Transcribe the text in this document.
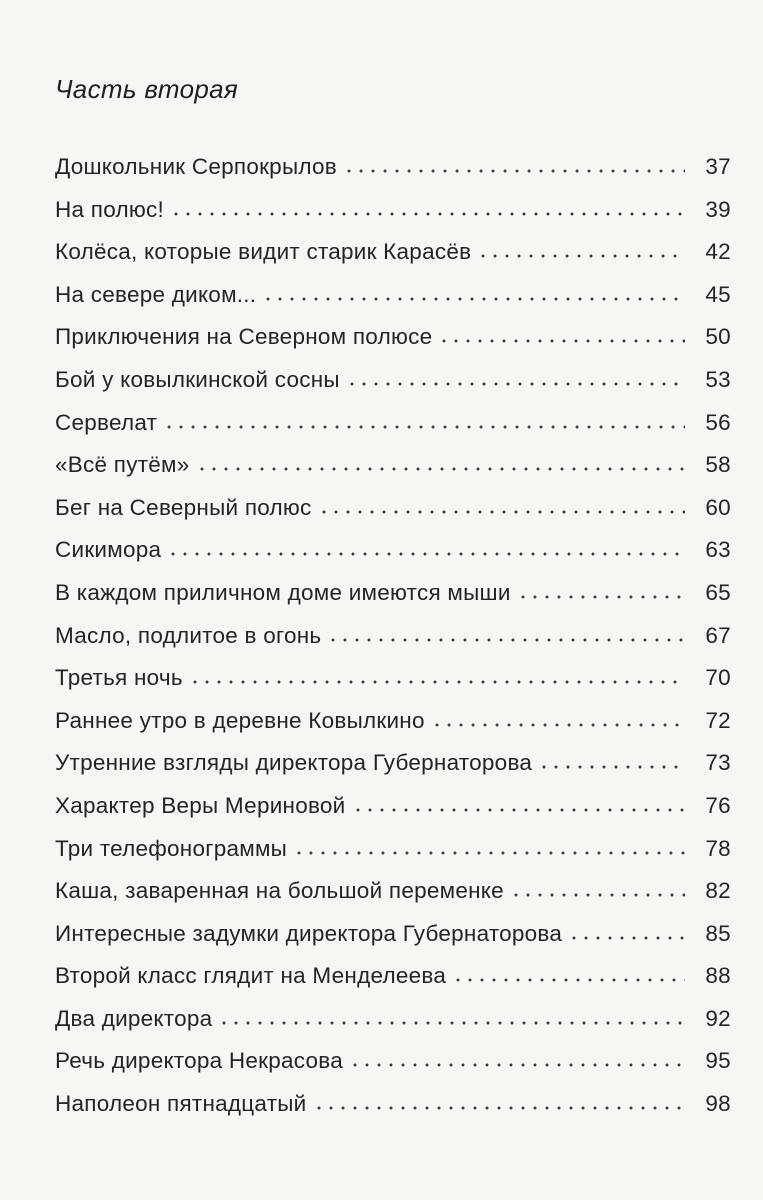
Часть вторая
Дошкольник Серпокрылов	37
На полюс!	39
Колёса, которые видит старик Карасёв	42
На севере диком...	45
Приключения на Северном полюсе	50
Бой у ковылкинской сосны	53
Сервелат	56
«Всё путём»	58
Бег на Северный полюс	60
Сикимора	63
В каждом приличном доме имеются мыши	65
Масло, подлитое в огонь	67
Третья ночь	70
Раннее утро в деревне Ковылкино	72
Утренние взгляды директора Губернаторова	73
Характер Веры Мериновой	76
Три телефонограммы	78
Каша, заваренная на большой переменке	82
Интересные задумки директора Губернаторова	85
Второй класс глядит на Менделеева	88
Два директора	92
Речь директора Некрасова	95
Наполеон пятнадцатый	98
